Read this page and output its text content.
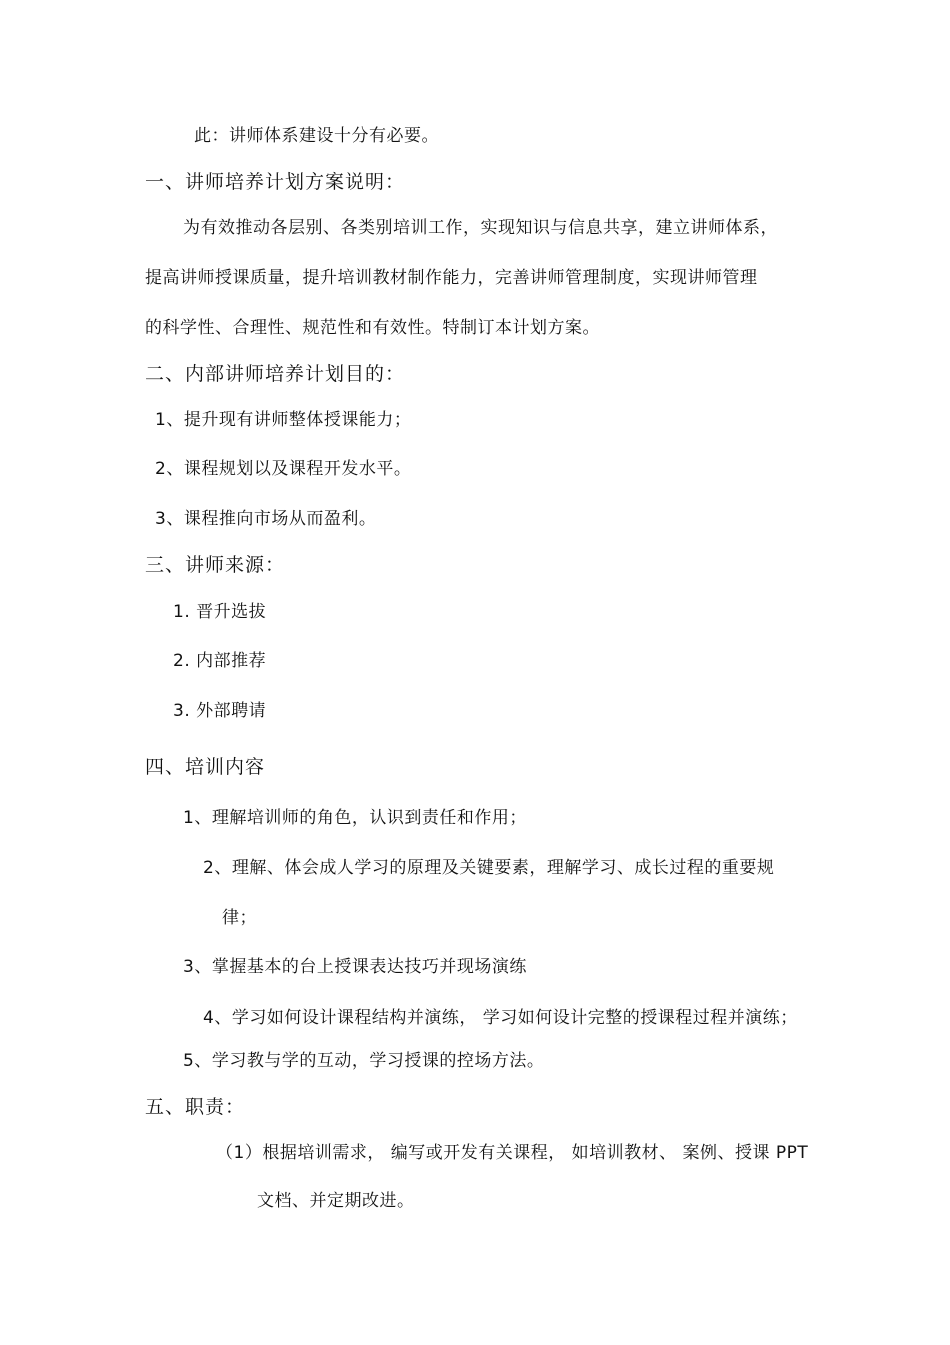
此：讲师体系建设十分有必要。
一、讲师培养计划方案说明：
为有效推动各层别、各类别培训工作，实现知识与信息共享，建立讲师体系，
提高讲师授课质量，提升培训教材制作能力，完善讲师管理制度，实现讲师管理
的科学性、合理性、规范性和有效性。特制订本计划方案。
二、内部讲师培养计划目的：
1、提升现有讲师整体授课能力；
2、课程规划以及课程开发水平。
3、课程推向市场从而盈利。
三、讲师来源：
1. 晋升选拔
2. 内部推荐
3. 外部聘请
四、培训内容
1、理解培训师的角色，认识到责任和作用；
2、理解、体会成人学习的原理及关键要素，理解学习、成长过程的重要规
律；
3、掌握基本的台上授课表达技巧并现场演练
4、学习如何设计课程结构并演练， 学习如何设计完整的授课程过程并演练；
5、学习教与学的互动，学习授课的控场方法。
五、职责：
（1）根据培训需求， 编写或开发有关课程， 如培训教材、 案例、授课 PPT
文档、并定期改进。
